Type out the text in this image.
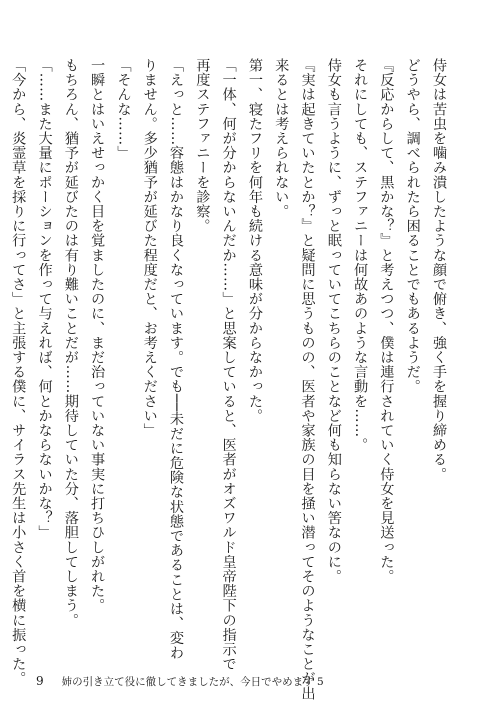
侍女は苦虫を噛み潰したような顔で俯き、強く手を握り締める。

どうやら、調べられたら困ることでもあるようだ。

『反応からして、黒かな？』と考えつつ、僕は連行されていく侍女を見送った。

それにしても、ステファニーは何故あのような言動を……。

侍女も言うように、ずっと眠っていてこちらのことなど何も知らない筈なのに。

『実は起きていたとか？』と疑問に思うものの、医者や家族の目を掻い潜ってそのようなことが出

来るとは考えられない。

第一、寝たフリを何年も続ける意味が分からなかった。

「一体、何が分からないんだか……」と思案していると、医者がオズワルド皇帝陛下の指示で

再度ステファニーを診察。

「えっと……容態はかなり良くなっています。でも──未だに危険な状態であることは、変わ

りません。多少猶予が延びた程度だと、お考えください」

「そんな……」

一瞬とはいえせっかく目を覚ましたのに、まだ治っていない事実に打ちひしがれた。

もちろん、猶予が延びたのは有り難いことだが……期待していた分、落胆してしまう。

「……また大量にポーションを作って与えれば、何とかならないかな？」

「今から、炎霊草を採りに行ってさ」と主張する僕に、サイラス先生は小さく首を横に振った。 9 姉の引き立て役に徹してきましたが、今日でやめます 5
